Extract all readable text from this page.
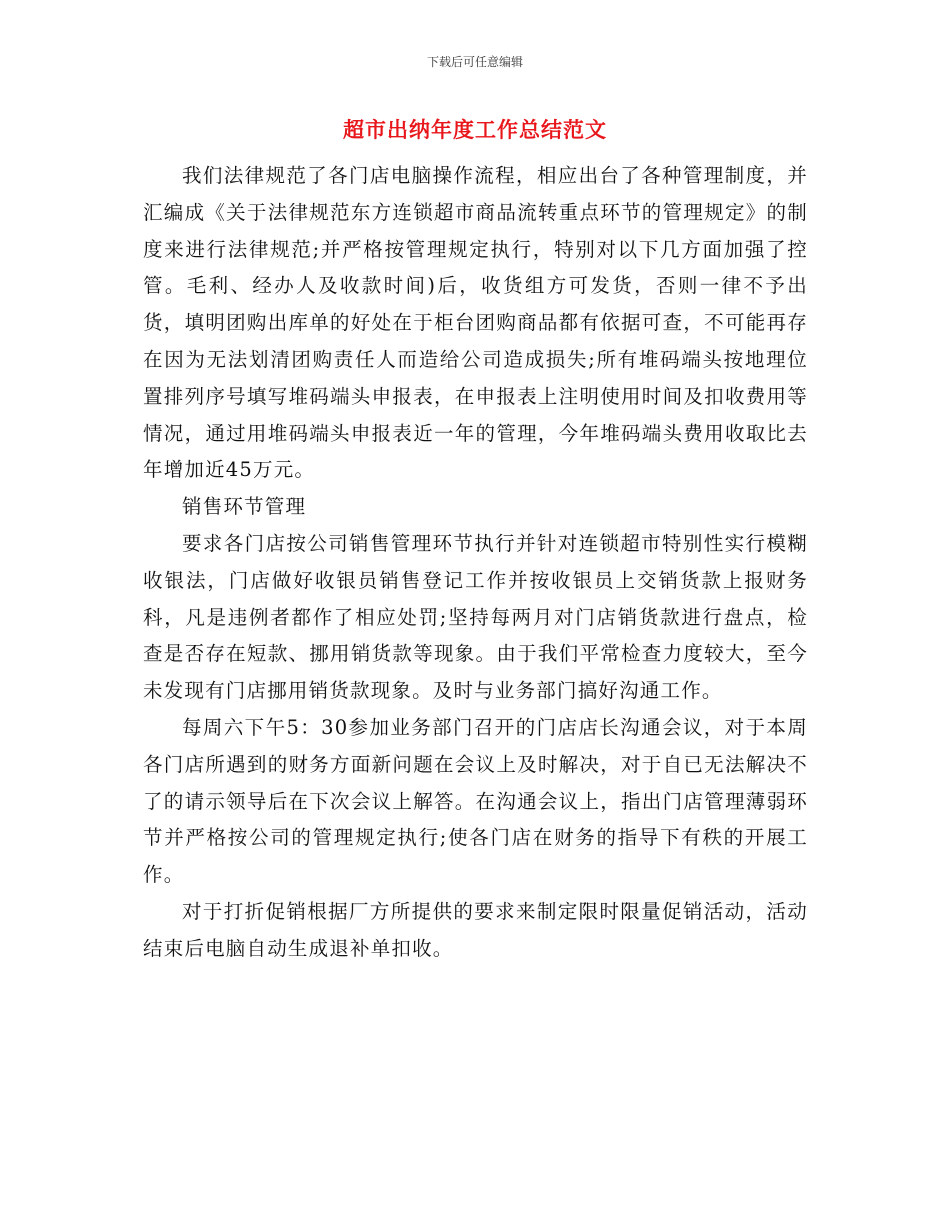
下载后可任意编辑
超市出纳年度工作总结范文

我们法律规范了各门店电脑操作流程，相应出台了各种管理制度，并汇编成《关于法律规范东方连锁超市商品流转重点环节的管理规定》的制度来进行法律规范;并严格按管理规定执行，特别对以下几方面加强了控管。毛利、经办人及收款时间)后，收货组方可发货，否则一律不予出货，填明团购出库单的好处在于柜台团购商品都有依据可查，不可能再存在因为无法划清团购责任人而造给公司造成损失;所有堆码端头按地理位置排列序号填写堆码端头申报表，在申报表上注明使用时间及扣收费用等情况，通过用堆码端头申报表近一年的管理，今年堆码端头费用收取比去年增加近45万元。

销售环节管理

要求各门店按公司销售管理环节执行并针对连锁超市特别性实行模糊收银法，门店做好收银员销售登记工作并按收银员上交销货款上报财务科，凡是违例者都作了相应处罚;坚持每两月对门店销货款进行盘点，检查是否存在短款、挪用销货款等现象。由于我们平常检查力度较大，至今未发现有门店挪用销货款现象。及时与业务部门搞好沟通工作。

每周六下午5：30参加业务部门召开的门店店长沟通会议，对于本周各门店所遇到的财务方面新问题在会议上及时解决，对于自已无法解决不了的请示领导后在下次会议上解答。在沟通会议上，指出门店管理薄弱环节并严格按公司的管理规定执行;使各门店在财务的指导下有秩的开展工作。

对于打折促销根据厂方所提供的要求来制定限时限量促销活动，活动结束后电脑自动生成退补单扣收。
